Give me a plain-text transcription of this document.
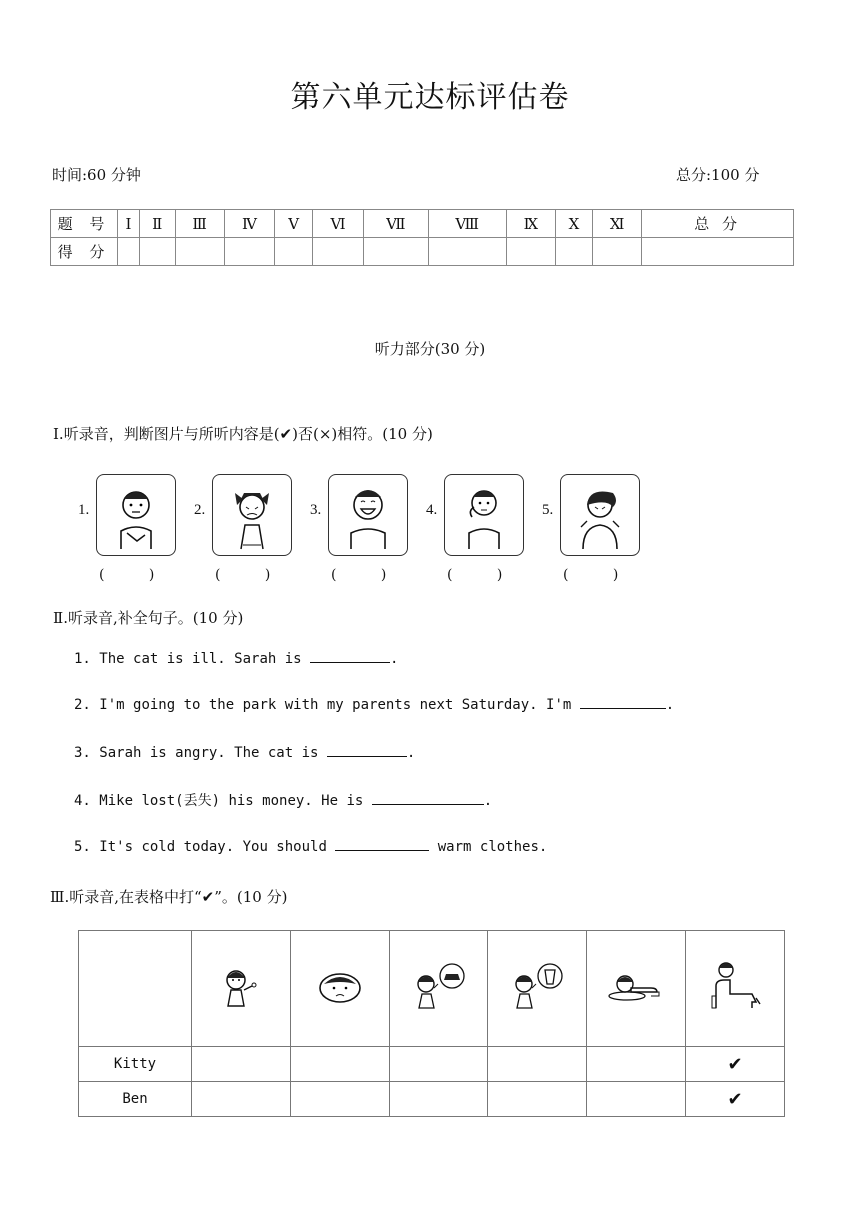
第六单元达标评估卷
时间:60 分钟	总分:100 分
题 号	Ⅰ	Ⅱ	Ⅲ	Ⅳ	Ⅴ	Ⅵ	Ⅶ	Ⅷ	Ⅸ	Ⅹ	Ⅺ	总 分
得 分												
听力部分(30 分)
Ⅰ.听录音，判断图片与所听内容是(✔)否(×)相符。(10 分)
1.
( )
2.
( )
3.
( )
4.
( )
5.
( )
Ⅱ.听录音,补全句子。(10 分)
1. The cat is ill. Sarah is	.
2. I'm going to the park with my parents next Saturday. I'm	.
3. Sarah is angry. The cat is	.
4. Mike lost(丢失) his money. He is	.
5. It's cold today. You should	warm clothes.
Ⅲ.听录音,在表格中打“✔”。(10 分)

Kitty						✔
Ben						✔
